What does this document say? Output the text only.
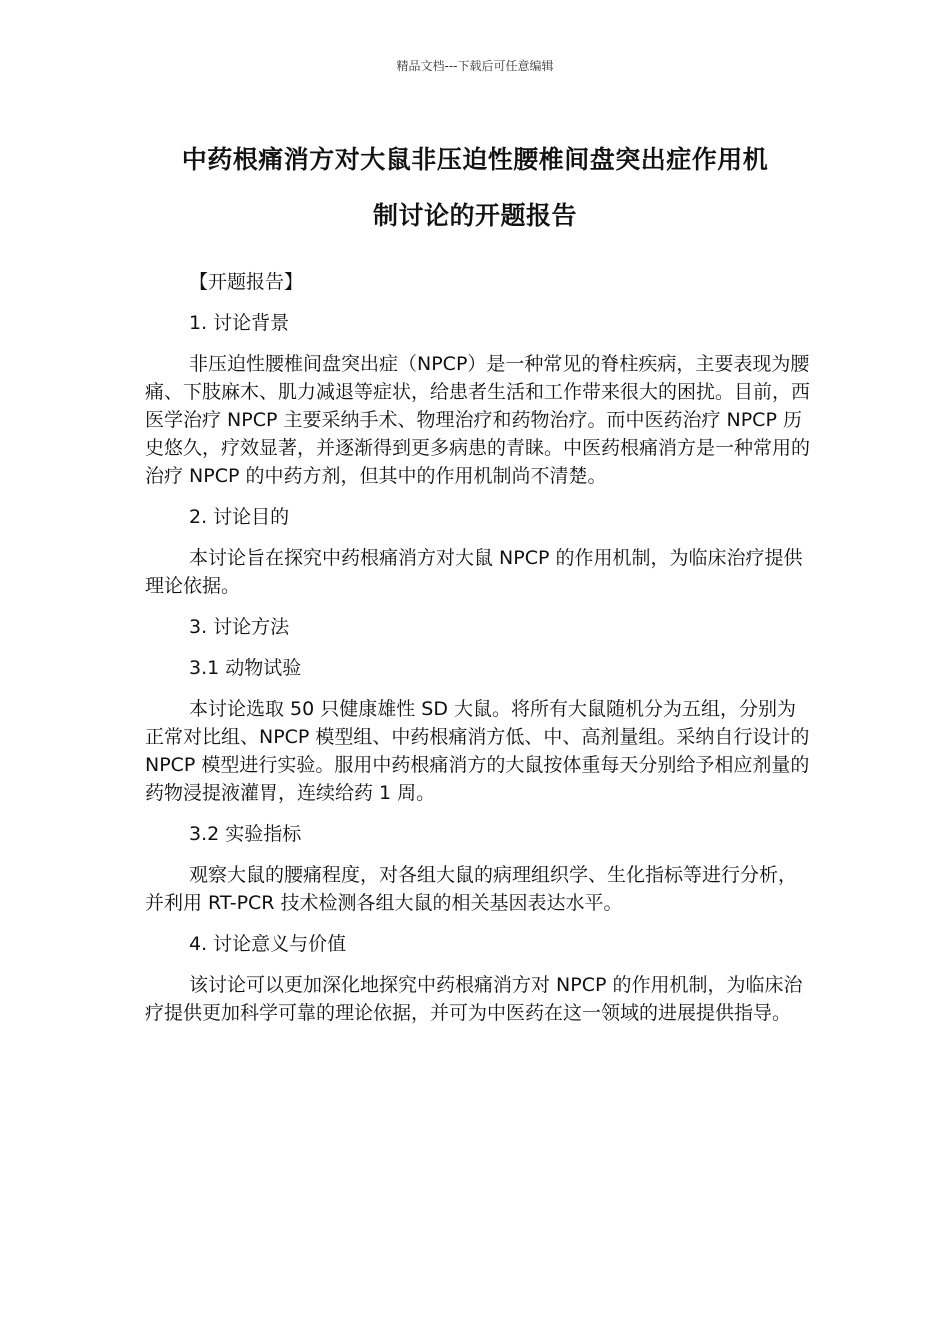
精品文档---下载后可任意编辑
中药根痛消方对大鼠非压迫性腰椎间盘突出症作用机
制讨论的开题报告

【开题报告】

1. 讨论背景

非压迫性腰椎间盘突出症（NPCP）是一种常见的脊柱疾病，主要表现为腰痛、下肢麻木、肌力减退等症状，给患者生活和工作带来很大的困扰。目前，西医学治疗 NPCP 主要采纳手术、物理治疗和药物治疗。而中医药治疗 NPCP 历史悠久，疗效显著，并逐渐得到更多病患的青睐。中医药根痛消方是一种常用的治疗 NPCP 的中药方剂，但其中的作用机制尚不清楚。

2. 讨论目的

本讨论旨在探究中药根痛消方对大鼠 NPCP 的作用机制，为临床治疗提供理论依据。

3. 讨论方法

3.1 动物试验

本讨论选取 50 只健康雄性 SD 大鼠。将所有大鼠随机分为五组，分别为正常对比组、NPCP 模型组、中药根痛消方低、中、高剂量组。采纳自行设计的 NPCP 模型进行实验。服用中药根痛消方的大鼠按体重每天分别给予相应剂量的药物浸提液灌胃，连续给药 1 周。

3.2 实验指标

观察大鼠的腰痛程度，对各组大鼠的病理组织学、生化指标等进行分析，并利用 RT-PCR 技术检测各组大鼠的相关基因表达水平。

4. 讨论意义与价值

该讨论可以更加深化地探究中药根痛消方对 NPCP 的作用机制，为临床治疗提供更加科学可靠的理论依据，并可为中医药在这一领域的进展提供指导。
